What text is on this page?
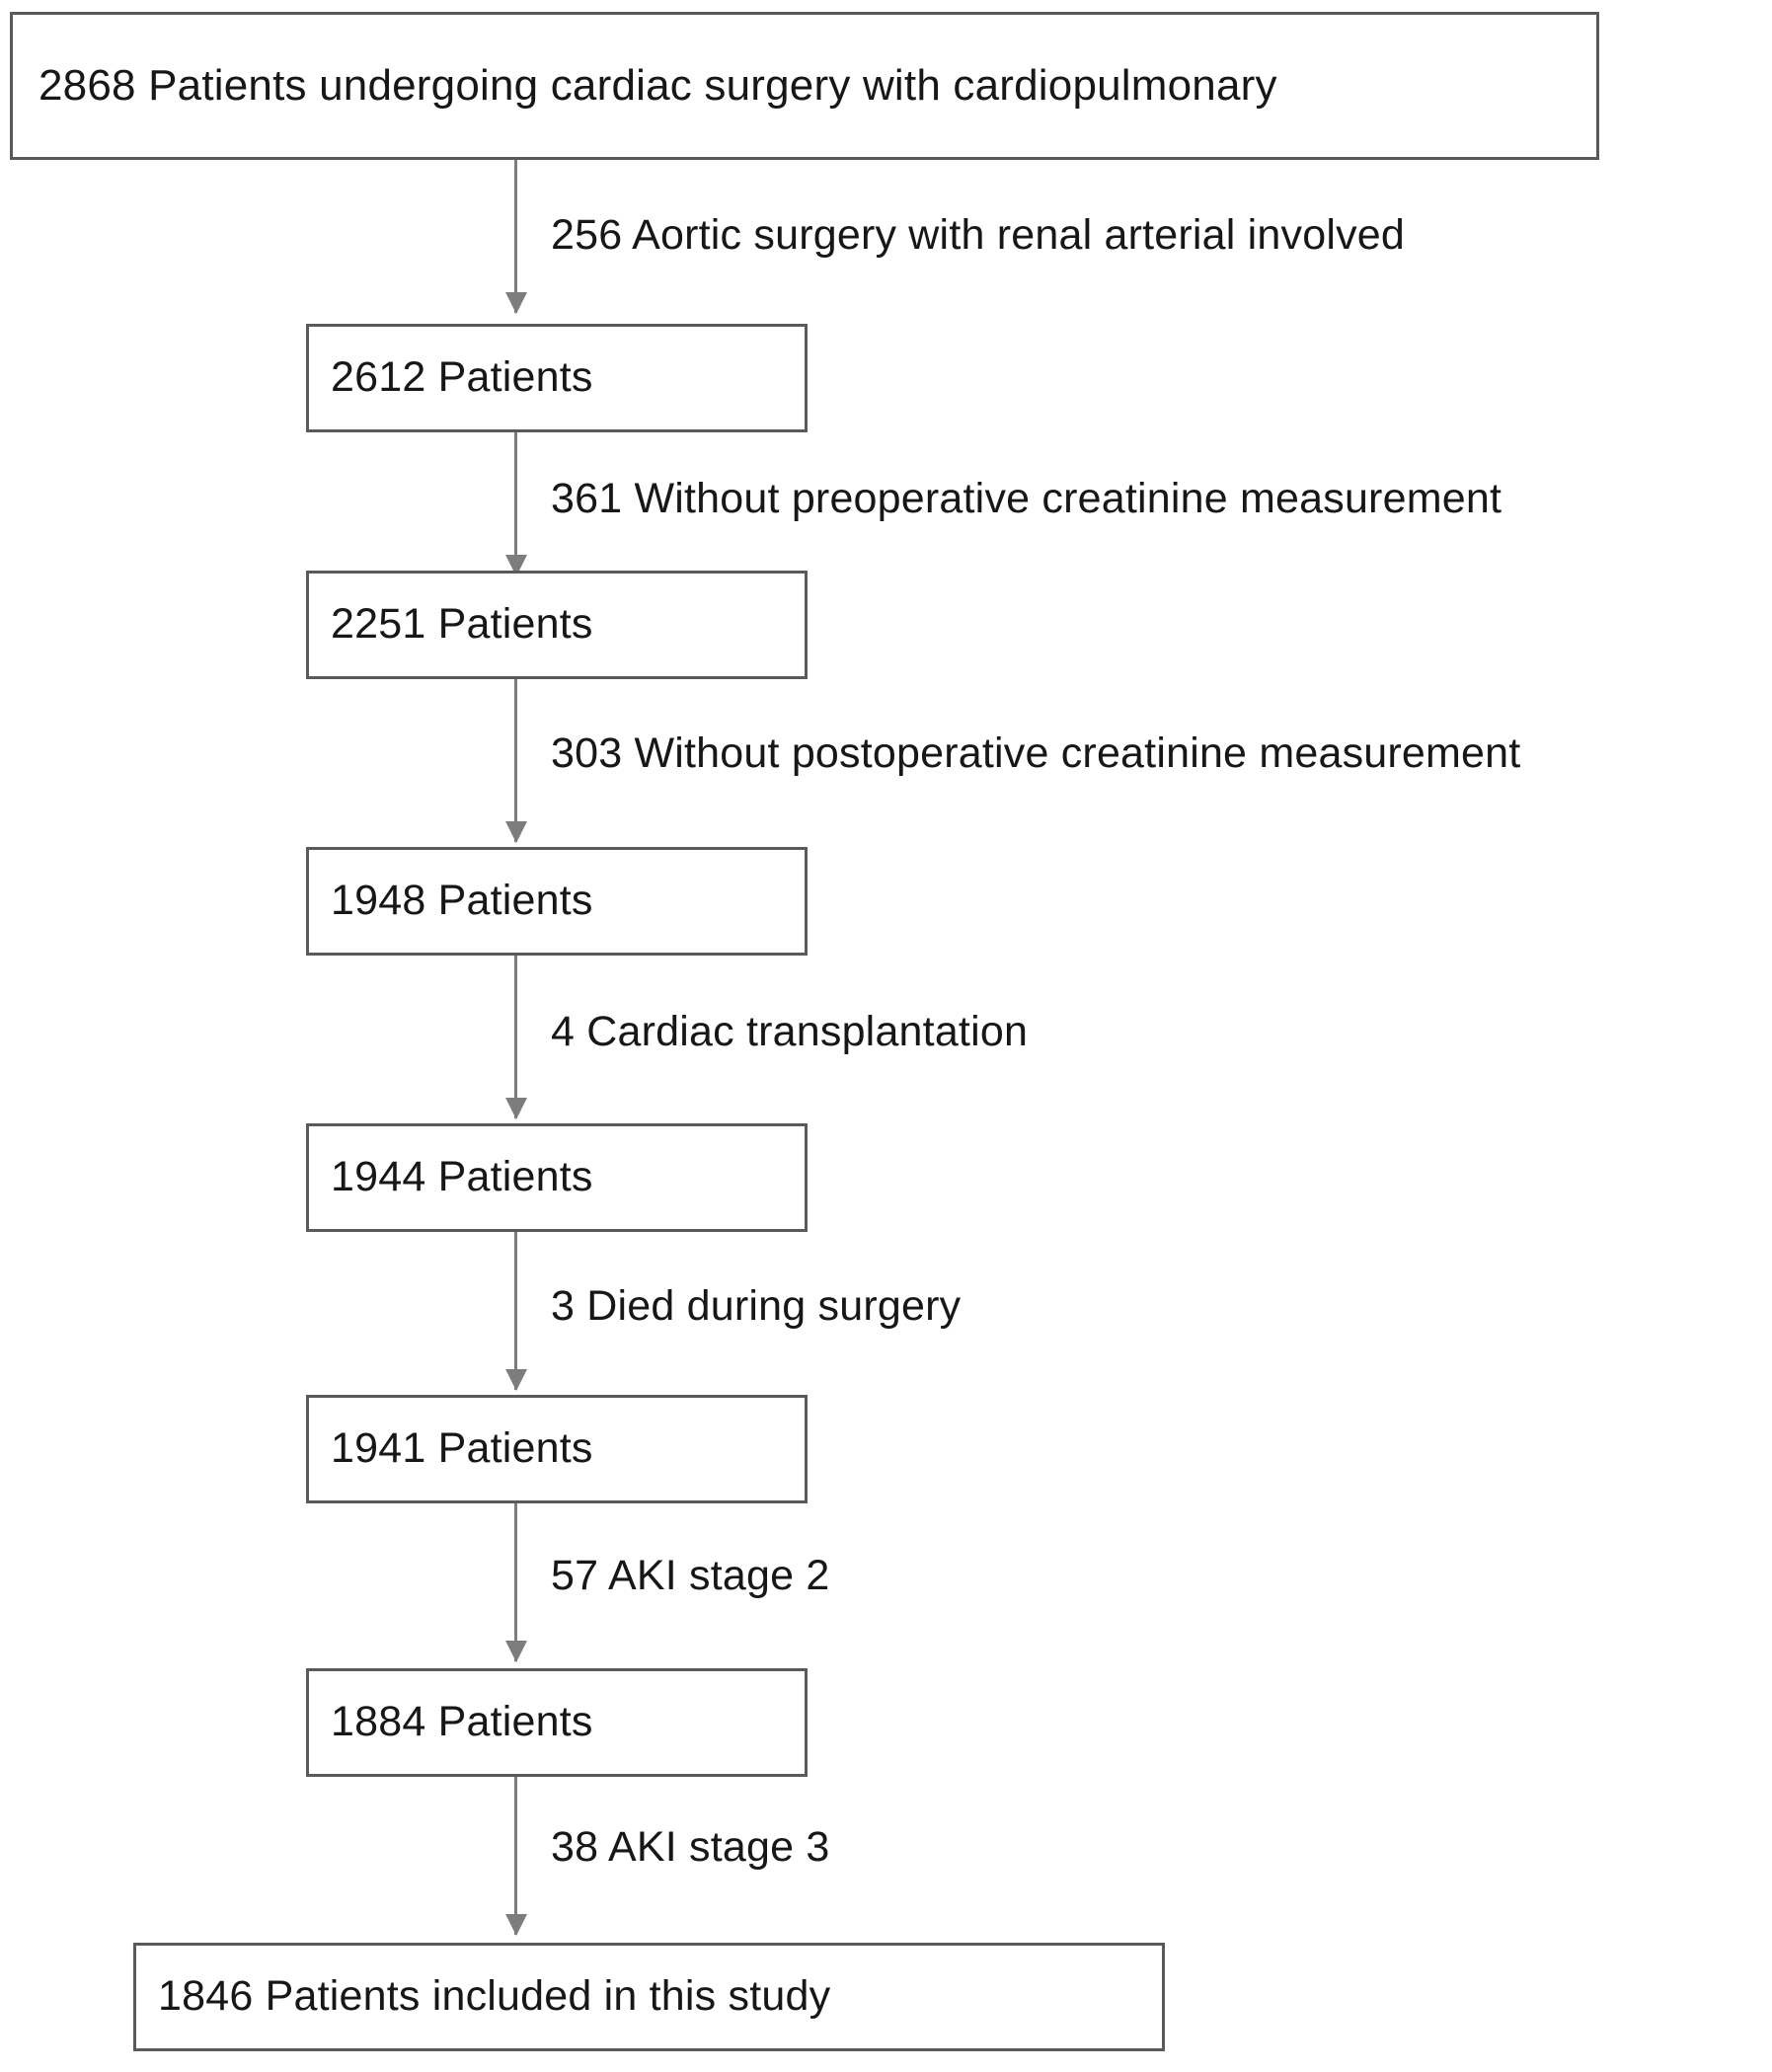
2868 Patients undergoing cardiac surgery with cardiopulmonary
256 Aortic surgery with renal arterial involved
2612 Patients
361 Without preoperative creatinine measurement
2251 Patients
303 Without postoperative creatinine measurement
1948 Patients
4 Cardiac transplantation
1944 Patients
3 Died during surgery
1941 Patients
57 AKI stage 2
1884 Patients
38 AKI stage 3
1846 Patients included in this study
